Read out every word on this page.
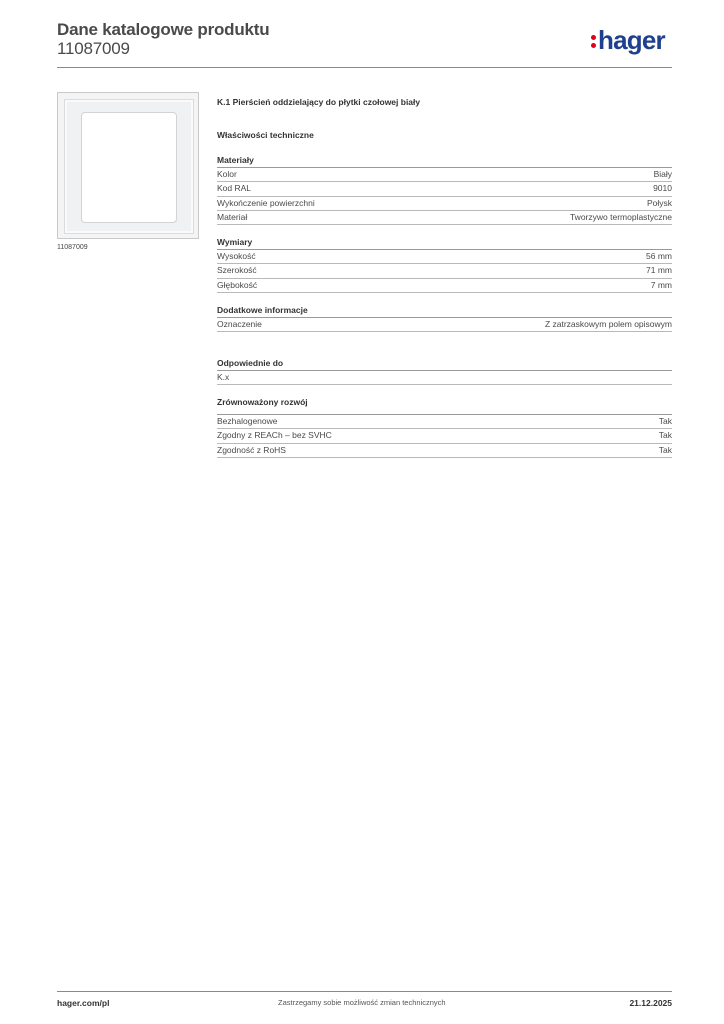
Dane katalogowe produktu
11087009	hager
11087009
K.1 Pierścień oddzielający do płytki czołowej biały
Właściwości techniczne
Materiały
Kolor	Biały
Kod RAL	9010
Wykończenie powierzchni	Połysk
Materiał	Tworzywo termoplastyczne
Wymiary
Wysokość	56 mm
Szerokość	71 mm
Głębokość	7 mm
Dodatkowe informacje
Oznaczenie	Z zatrzaskowym polem opisowym
Odpowiednie do
K.x
Zrównoważony rozwój
Bezhalogenowe	Tak
Zgodny z REACh – bez SVHC	Tak
Zgodność z RoHS	Tak
hager.com/pl	Zastrzegamy sobie możliwość zmian technicznych	21.12.2025
